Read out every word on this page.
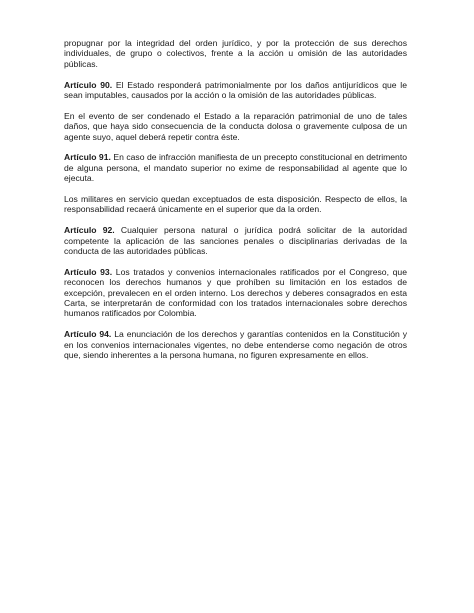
propugnar por la integridad del orden jurídico, y por la protección de sus derechos individuales, de grupo o colectivos, frente a la acción u omisión de las autoridades públicas.

Artículo 90. El Estado responderá patrimonialmente por los daños antijurídicos que le sean imputables, causados por la acción o la omisión de las autoridades públicas.

En el evento de ser condenado el Estado a la reparación patrimonial de uno de tales daños, que haya sido consecuencia de la conducta dolosa o gravemente culposa de un agente suyo, aquel deberá repetir contra éste.

Artículo 91. En caso de infracción manifiesta de un precepto constitucional en detrimento de alguna persona, el mandato superior no exime de responsabilidad al agente que lo ejecuta.

Los militares en servicio quedan exceptuados de esta disposición. Respecto de ellos, la responsabilidad recaerá únicamente en el superior que da la orden.

Artículo 92. Cualquier persona natural o jurídica podrá solicitar de la autoridad competente la aplicación de las sanciones penales o disciplinarias derivadas de la conducta de las autoridades públicas.

Artículo 93. Los tratados y convenios internacionales ratificados por el Congreso, que reconocen los derechos humanos y que prohíben su limitación en los estados de excepción, prevalecen en el orden interno. Los derechos y deberes consagrados en esta Carta, se interpretarán de conformidad con los tratados internacionales sobre derechos humanos ratificados por Colombia.

Artículo 94. La enunciación de los derechos y garantías contenidos en la Constitución y en los convenios internacionales vigentes, no debe entenderse como negación de otros que, siendo inherentes a la persona humana, no figuren expresamente en ellos.
